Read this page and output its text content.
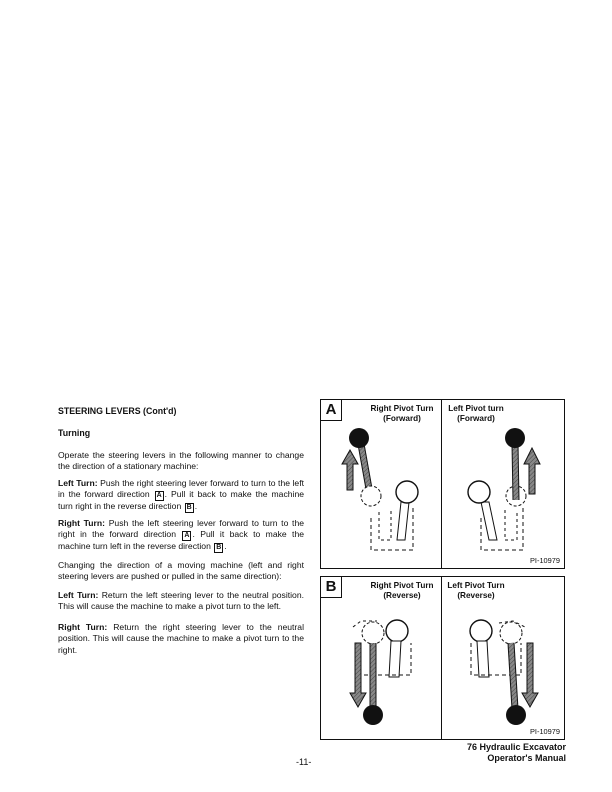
STEERING LEVERS (Cont'd)
Turning
Operate the steering levers in the following manner to change the direction of a stationary machine:
Left Turn: Push the right steering lever forward to turn to the left in the forward direction A . Pull it back to make the machine turn right in the reverse direction B .
Right Turn: Push the left steering lever forward to turn to the right in the forward direction A . Pull it back to make the machine turn left in the reverse direction B .
Changing the direction of a moving machine (left and right steering levers are pushed or pulled in the same direction):
Left Turn: Return the left steering lever to the neutral position. This will cause the machine to make a pivot turn to the left.
Right Turn: Return the right steering lever to the neutral position. This will cause the machine to make a pivot turn to the right.
A	Right Pivot Turn
(Forward)
Left Pivot turn
(Forward)
PI-10979
B	Right Pivot Turn
(Reverse)
Left Pivot Turn
(Reverse)
PI-10979
-11-
76 Hydraulic Excavator
Operator's Manual
